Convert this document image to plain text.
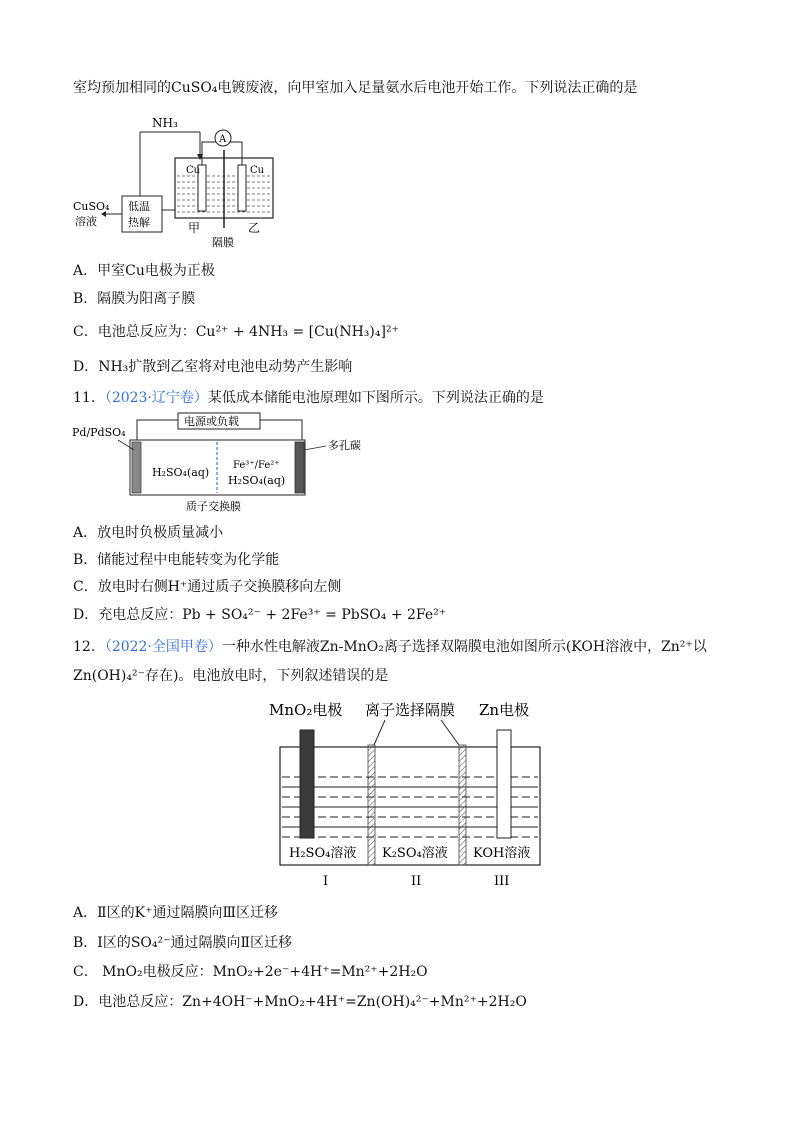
室均预加相同的CuSO₄电镀废液，向甲室加入足量氨水后电池开始工作。下列说法正确的是
NH₃
Cu	Cu
A
低温
热解
CuSO₄
溶液	甲	乙
隔膜
A．甲室Cu电极为正极
B．隔膜为阳离子膜
C．电池总反应为：Cu²⁺ + 4NH₃ = [Cu(NH₃)₄]²⁺
D．NH₃扩散到乙室将对电池电动势产生影响
11．（2023·辽宁卷）某低成本储能电池原理如下图所示。下列说法正确的是
电源或负载
Pd/PdSO₄
多孔碳
H₂SO₄(aq)
Fe³⁺/Fe²⁺
H₂SO₄(aq)
质子交换膜
A．放电时负极质量减小
B．储能过程中电能转变为化学能
C．放电时右侧H⁺通过质子交换膜移向左侧
D．充电总反应：Pb + SO₄²⁻ + 2Fe³⁺ = PbSO₄ + 2Fe²⁺
12．（2022·全国甲卷）一种水性电解液Zn-MnO₂离子选择双隔膜电池如图所示(KOH溶液中，Zn²⁺以
Zn(OH)₄²⁻存在)。电池放电时，下列叙述错误的是
MnO₂电极 离子选择隔膜 Zn电极
H₂SO₄溶液 K₂SO₄溶液 KOH溶液
I	II	III
A．Ⅱ区的K⁺通过隔膜向Ⅲ区迁移
B．Ⅰ区的SO₄²⁻通过隔膜向Ⅱ区迁移
C． MnO₂电极反应：MnO₂+2e⁻+4H⁺=Mn²⁺+2H₂O
D．电池总反应：Zn+4OH⁻+MnO₂+4H⁺=Zn(OH)₄²⁻+Mn²⁺+2H₂O
